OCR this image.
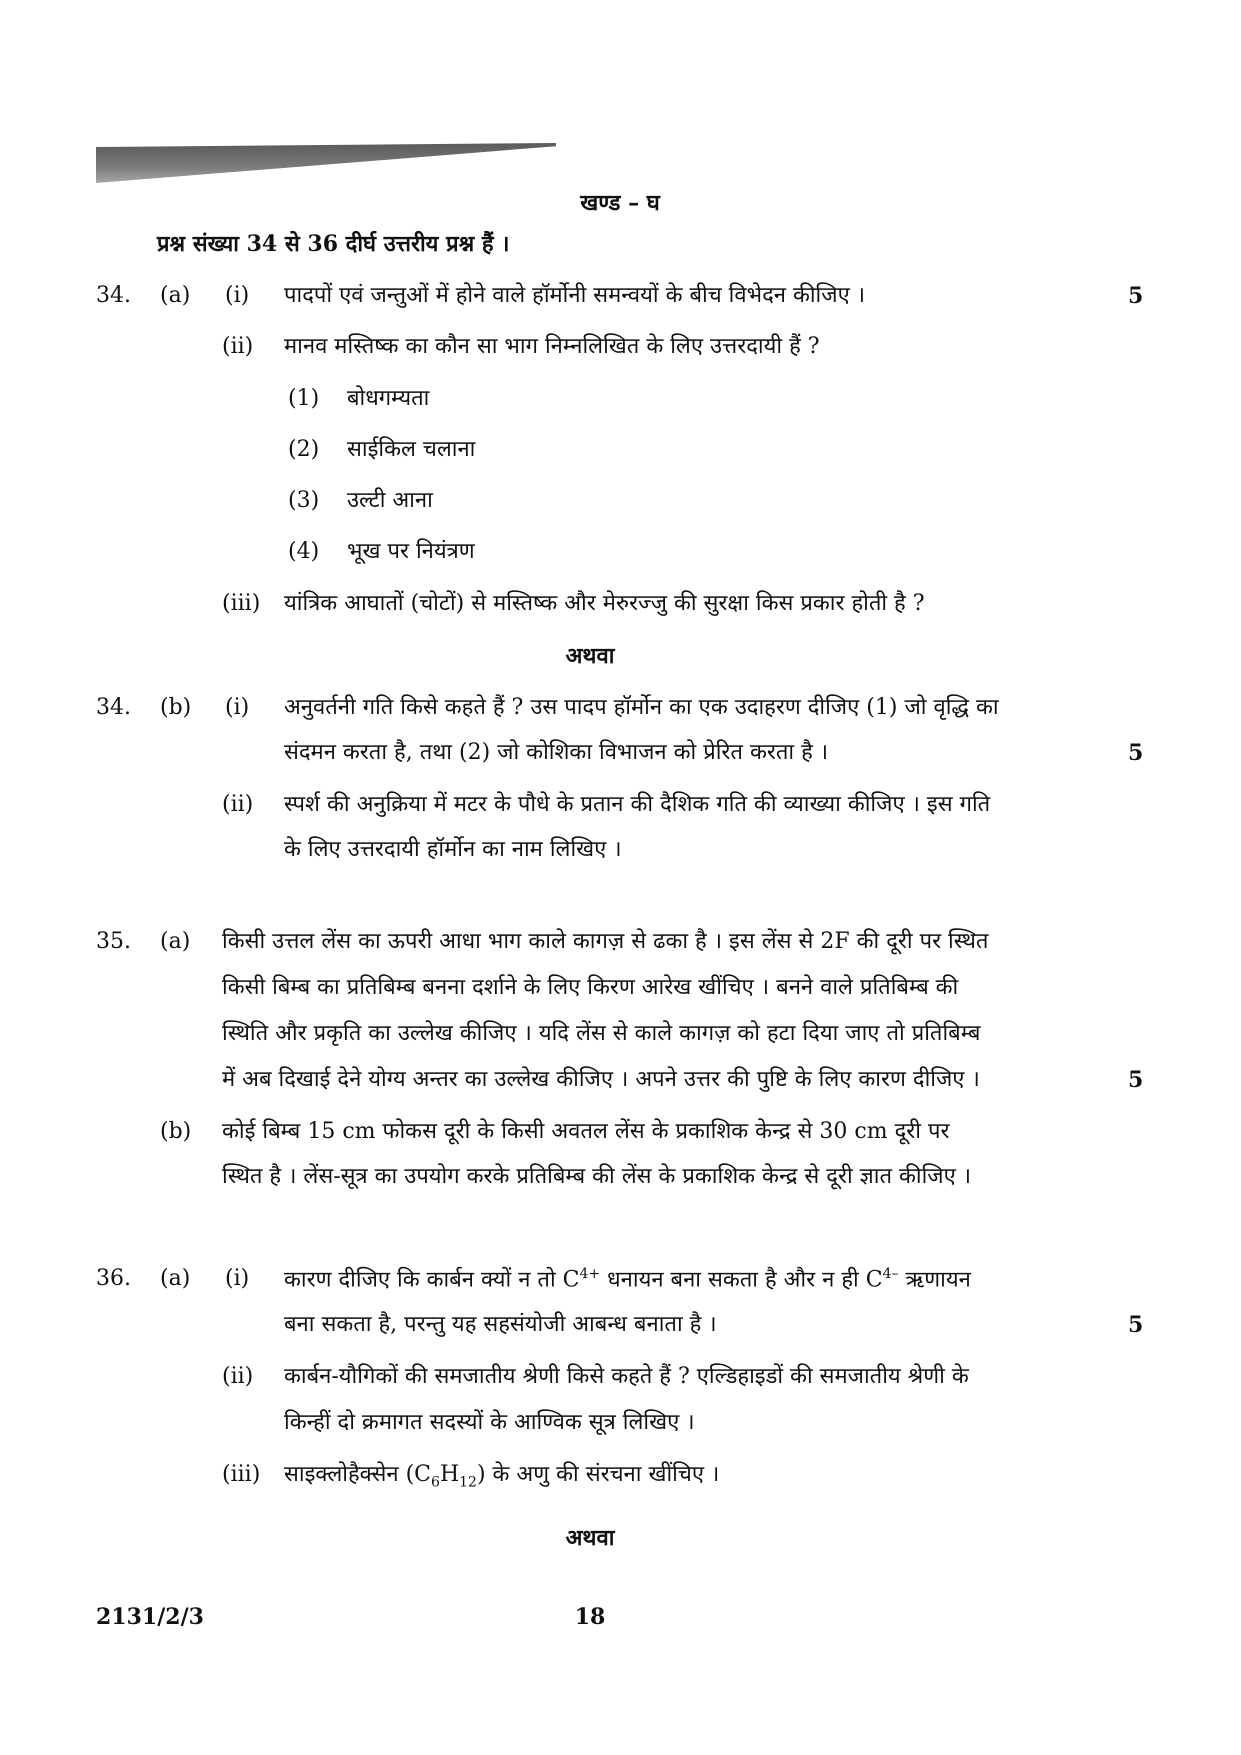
खण्ड – घ
प्रश्न संख्या 34 से 36 दीर्घ उत्तरीय प्रश्न हैं ।
34. (a) (i) पादपों एवं जन्तुओं में होने वाले हॉर्मोनी समन्वयों के बीच विभेदन कीजिए ।	5
(ii) मानव मस्तिष्क का कौन सा भाग निम्नलिखित के लिए उत्तरदायी हैं ?
(1) बोधगम्यता
(2) साईकिल चलाना
(3) उल्टी आना
(4) भूख पर नियंत्रण
(iii) यांत्रिक आघातों (चोटों) से मस्तिष्क और मेरुरज्जु की सुरक्षा किस प्रकार होती है ?
अथवा
34. (b) (i) अनुवर्तनी गति किसे कहते हैं ? उस पादप हॉर्मोन का एक उदाहरण दीजिए (1) जो वृद्धि का
संदमन करता है, तथा (2) जो कोशिका विभाजन को प्रेरित करता है ।	5
(ii) स्पर्श की अनुक्रिया में मटर के पौधे के प्रतान की दैशिक गति की व्याख्या कीजिए । इस गति
के लिए उत्तरदायी हॉर्मोन का नाम लिखिए ।
35. (a) किसी उत्तल लेंस का ऊपरी आधा भाग काले कागज़ से ढका है । इस लेंस से 2F की दूरी पर स्थित
किसी बिम्ब का प्रतिबिम्ब बनना दर्शाने के लिए किरण आरेख खींचिए । बनने वाले प्रतिबिम्ब की
स्थिति और प्रकृति का उल्लेख कीजिए । यदि लेंस से काले कागज़ को हटा दिया जाए तो प्रतिबिम्ब
में अब दिखाई देने योग्य अन्तर का उल्लेख कीजिए । अपने उत्तर की पुष्टि के लिए कारण दीजिए ।	5
(b) कोई बिम्ब 15 cm फोकस दूरी के किसी अवतल लेंस के प्रकाशिक केन्द्र से 30 cm दूरी पर
स्थित है । लेंस-सूत्र का उपयोग करके प्रतिबिम्ब की लेंस के प्रकाशिक केन्द्र से दूरी ज्ञात कीजिए ।
36. (a) (i) कारण दीजिए कि कार्बन क्यों न तो $C^{4+}$ धनायन बना सकता है और न ही $C^{4-}$ ऋणायन
बना सकता है, परन्तु यह सहसंयोजी आबन्ध बनाता है ।	5
(ii) कार्बन-यौगिकों की समजातीय श्रेणी किसे कहते हैं ? एल्डिहाइडों की समजातीय श्रेणी के
किन्हीं दो क्रमागत सदस्यों के आण्विक सूत्र लिखिए ।
(iii) साइक्लोहैक्सेन $(C_6H_{12})$ के अणु की संरचना खींचिए ।
अथवा
2131/2/3	18
